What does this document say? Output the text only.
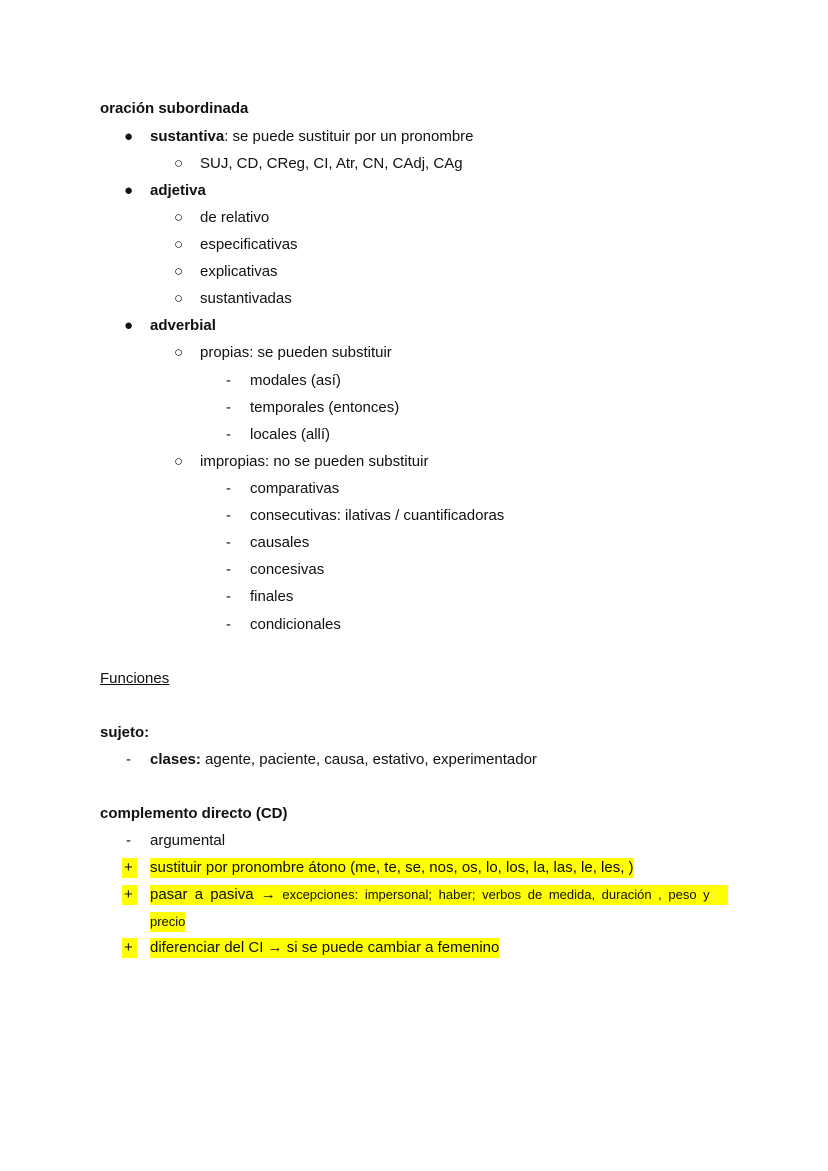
oración subordinada
● sustantiva: se puede sustituir por un pronombre
○ SUJ, CD, CReg, CI, Atr, CN, CAdj, CAg
● adjetiva
○ de relativo
○ especificativas
○ explicativas
○ sustantivadas
● adverbial
○ propias: se pueden substituir
- modales (así)
- temporales (entonces)
- locales (allí)
○ impropias: no se pueden substituir
- comparativas
- consecutivas: ilativas / cuantificadoras
- causales
- concesivas
- finales
- condicionales
Funciones
sujeto:
- clases: agente, paciente, causa, estativo, experimentador
complemento directo (CD)
- argumental
+ sustituir por pronombre átono (me, te, se, nos, os, lo, los, la, las, le, les, )
+ pasar a pasiva → excepciones: impersonal; haber; verbos de medida, duración , peso y
precio
+ diferenciar del CI → si se puede cambiar a femenino
